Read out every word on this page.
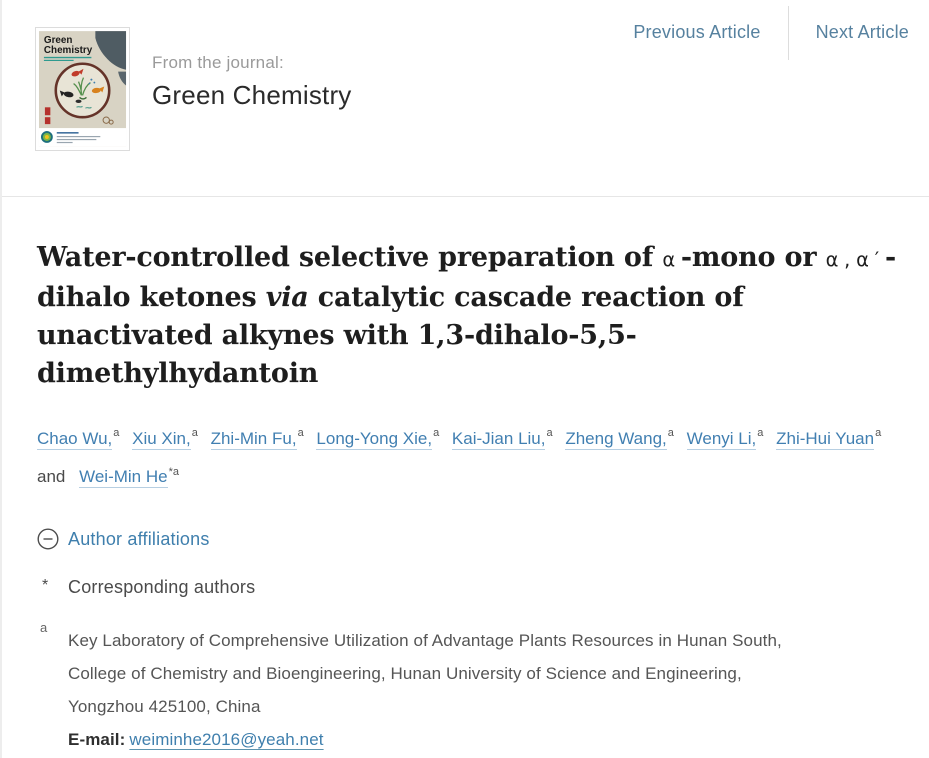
Green
Chemistry
From the journal:
Green Chemistry
Previous Article	Next Article
Water-controlled selective preparation of α -mono or α , α ′ -dihalo ketones via catalytic cascade reaction of unactivated alkynes with 1,3-dihalo-5,5-dimethylhydantoin

Chao Wu,$^a$ Xiu Xin,$^a$ Zhi-Min Fu,$^a$ Long-Yong Xie,$^a$ Kai-Jian Liu,$^a$ Zheng Wang,$^a$ Wenyi Li,$^a$ Zhi-Hui Yuan$^a$ and Wei-Min He$^{*a}$

Author affiliations
*	Corresponding authors
a
Key Laboratory of Comprehensive Utilization of Advantage Plants Resources in Hunan South, College of Chemistry and Bioengineering, Hunan University of Science and Engineering, Yongzhou 425100, China
E-mail: weiminhe2016@yeah.net
